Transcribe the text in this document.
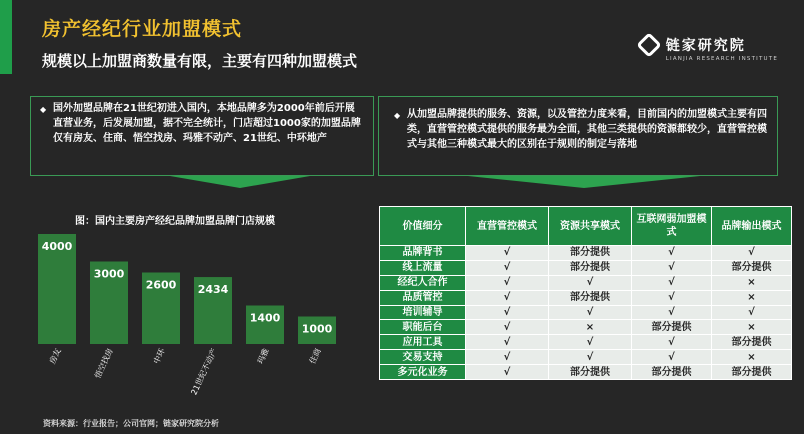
房产经纪行业加盟模式
规模以上加盟商数量有限，主要有四种加盟模式
链家研究院
LIANJIA RESEARCH INSTITUTE

◆ 国外加盟品牌在21世纪初进入国内，本地品牌多为2000年前后开展直营业务，后发展加盟，据不完全统计，门店超过1000家的加盟品牌仅有房友、住商、悟空找房、玛雅不动产、21世纪、中环地产

◆ 从加盟品牌提供的服务、资源，以及管控力度来看，目前国内的加盟模式主要有四类，直营管控模式提供的服务最为全面，其他三类提供的资源都较少，直营管控模式与其他三种模式最大的区别在于规则的制定与落地

图：国内主要房产经纪品牌加盟品牌门店规模
4000
房友
3000
悟空找房
2600
中环
2434
21世纪不动产
1400
玛雅
1000
住商
资料来源：行业报告；公司官网；链家研究院分析
价值细分	直营管控模式	资源共享模式	互联网弱加盟模式	品牌输出模式
品牌背书	√	部分提供	√	√
线上流量	√	部分提供	√	部分提供
经纪人合作	√	√	√	×
品质管控	√	部分提供	√	×
培训辅导	√	√	√	√
职能后台	√	×	部分提供	×
应用工具	√	√	√	部分提供
交易支持	√	√	√	×
多元化业务	√	部分提供	部分提供	部分提供
